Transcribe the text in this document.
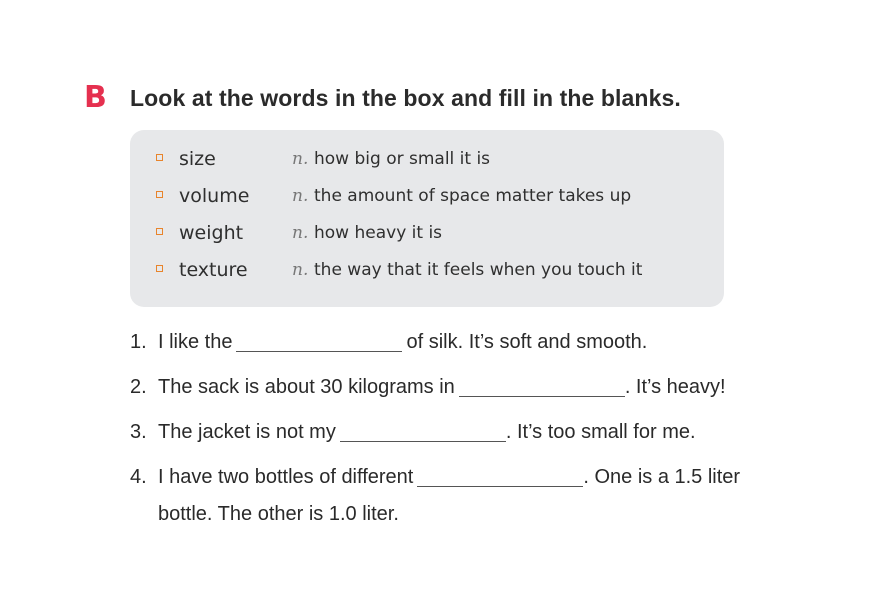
B Look at the words in the box and fill in the blanks.
size	n. how big or small it is
volume	n. the amount of space matter takes up
weight	n. how heavy it is
texture	n. the way that it feels when you touch it
1. I like the	of silk. It’s soft and smooth.
2. The sack is about 30 kilograms in	. It’s heavy!
3. The jacket is not my	. It’s too small for me.
4. I have two bottles of different	. One is a 1.5 liter
bottle. The other is 1.0 liter.
